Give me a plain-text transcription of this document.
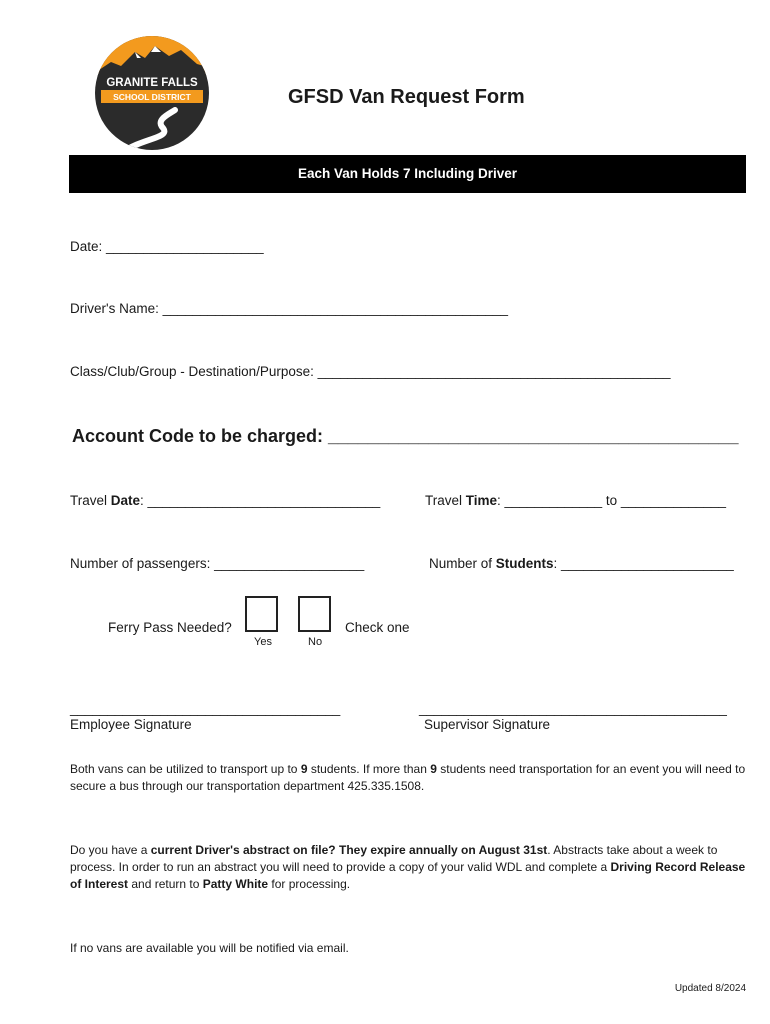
GRANITE FALLS
SCHOOL DISTRICT	GFSD Van Request Form
Each Van Holds 7 Including Driver
Date: _____________________
Driver's Name: ______________________________________________
Class/Club/Group - Destination/Purpose: _______________________________________________
Account Code to be charged: _________________________________________
Travel Date: _______________________________	Travel Time: _____________ to ______________
Number of passengers: ____________________	Number of Students: _______________________
Ferry Pass Needed?
Yes	No
Check one
____________________________________
Employee Signature
_________________________________________
Supervisor Signature
Both vans can be utilized to transport up to 9 students. If more than 9 students need transportation for an event you will need to secure a bus through our transportation department 425.335.1508.
Do you have a current Driver's abstract on file? They expire annually on August 31st. Abstracts take about a week to process. In order to run an abstract you will need to provide a copy of your valid WDL and complete a Driving Record Release of Interest and return to Patty White for processing.
If no vans are available you will be notified via email.
Updated 8/2024
